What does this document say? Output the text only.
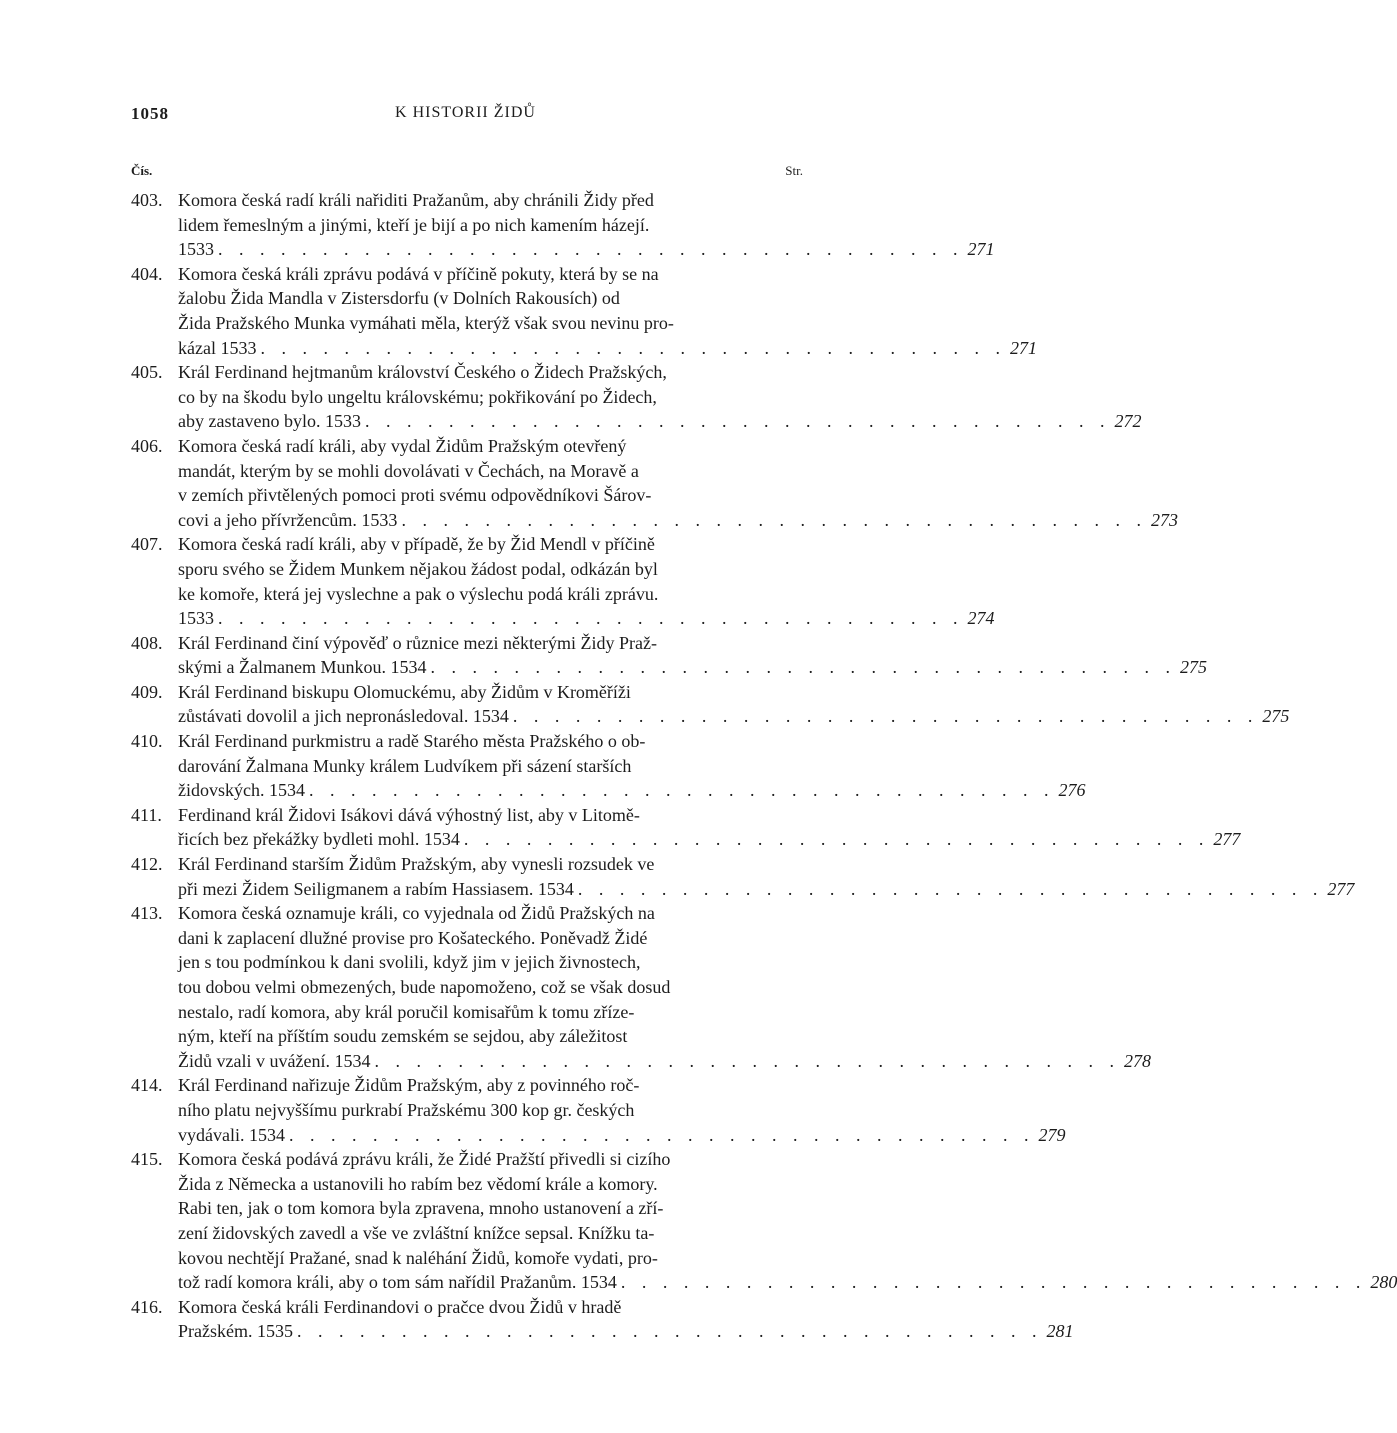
1058	K HISTORII ŽIDŮ
Čís.	Str.
403. Komora česká radí králi nařiditi Pražanům, aby chránili Židy před
lidem řemeslným a jinými, kteří je bijí a po nich kamením házejí.
1533 . . . . . . . . . . . . . . . . . . . . . . . . . . . . . . . . . . . . 271
404. Komora česká králi zprávu podává v příčině pokuty, která by se na
žalobu Žida Mandla v Zistersdorfu (v Dolních Rakousích) od
Žida Pražského Munka vymáhati měla, kterýž však svou nevinu pro-
kázal 1533 . . . . . . . . . . . . . . . . . . . . . . . . . . . . . . . . . . . . 271
405. Král Ferdinand hejtmanům království Českého o Židech Pražských,
co by na škodu bylo ungeltu královskému; pokřikování po Židech,
aby zastaveno bylo. 1533 . . . . . . . . . . . . . . . . . . . . . . . . . . . . . . . . . . . . 272
406. Komora česká radí králi, aby vydal Židům Pražským otevřený
mandát, kterým by se mohli dovolávati v Čechách, na Moravě a
v zemích přivtělených pomoci proti svému odpovědníkovi Šárov-
covi a jeho přívržencům. 1533 . . . . . . . . . . . . . . . . . . . . . . . . . . . . . . . . . . . . 273
407. Komora česká radí králi, aby v případě, že by Žid Mendl v příčině
sporu svého se Židem Munkem nějakou žádost podal, odkázán byl
ke komoře, která jej vyslechne a pak o výslechu podá králi zprávu.
1533 . . . . . . . . . . . . . . . . . . . . . . . . . . . . . . . . . . . . 274
408. Král Ferdinand činí výpověď o různice mezi některými Židy Praž-
skými a Žalmanem Munkou. 1534 . . . . . . . . . . . . . . . . . . . . . . . . . . . . . . . . . . . . 275
409. Král Ferdinand biskupu Olomuckému, aby Židům v Kroměříži
zůstávati dovolil a jich nepronásledoval. 1534 . . . . . . . . . . . . . . . . . . . . . . . . . . . . . . . . . . . . 275
410. Král Ferdinand purkmistru a radě Starého města Pražského o ob-
darování Žalmana Munky králem Ludvíkem při sázení starších
židovských. 1534 . . . . . . . . . . . . . . . . . . . . . . . . . . . . . . . . . . . . 276
411. Ferdinand král Židovi Isákovi dává výhostný list, aby v Litomě-
řicích bez překážky bydleti mohl. 1534 . . . . . . . . . . . . . . . . . . . . . . . . . . . . . . . . . . . . 277
412. Král Ferdinand starším Židům Pražským, aby vynesli rozsudek ve
při mezi Židem Seiligmanem a rabím Hassiasem. 1534 . . . . . . . . . . . . . . . . . . . . . . . . . . . . . . . . . . . . 277
413. Komora česká oznamuje králi, co vyjednala od Židů Pražských na
dani k zaplacení dlužné provise pro Košateckého. Poněvadž Židé
jen s tou podmínkou k dani svolili, když jim v jejich živnostech,
tou dobou velmi obmezených, bude napomoženo, což se však dosud
nestalo, radí komora, aby král poručil komisařům k tomu zříze-
ným, kteří na příštím soudu zemském se sejdou, aby záležitost
Židů vzali v uvážení. 1534 . . . . . . . . . . . . . . . . . . . . . . . . . . . . . . . . . . . . 278
414. Král Ferdinand nařizuje Židům Pražským, aby z povinného roč-
ního platu nejvyššímu purkrabí Pražskému 300 kop gr. českých
vydávali. 1534 . . . . . . . . . . . . . . . . . . . . . . . . . . . . . . . . . . . . 279
415. Komora česká podává zprávu králi, že Židé Pražští přivedli si cizího
Žida z Německa a ustanovili ho rabím bez vědomí krále a komory.
Rabi ten, jak o tom komora byla zpravena, mnoho ustanovení a zří-
zení židovských zavedl a vše ve zvláštní knížce sepsal. Knížku ta-
kovou nechtějí Pražané, snad k naléhání Židů, komoře vydati, pro-
tož radí komora králi, aby o tom sám nařídil Pražanům. 1534 . . . . . . . . . . . . . . . . . . . . . . . . . . . . . . . . . . . . 280
416. Komora česká králi Ferdinandovi o pračce dvou Židů v hradě
Pražském. 1535 . . . . . . . . . . . . . . . . . . . . . . . . . . . . . . . . . . . . 281
